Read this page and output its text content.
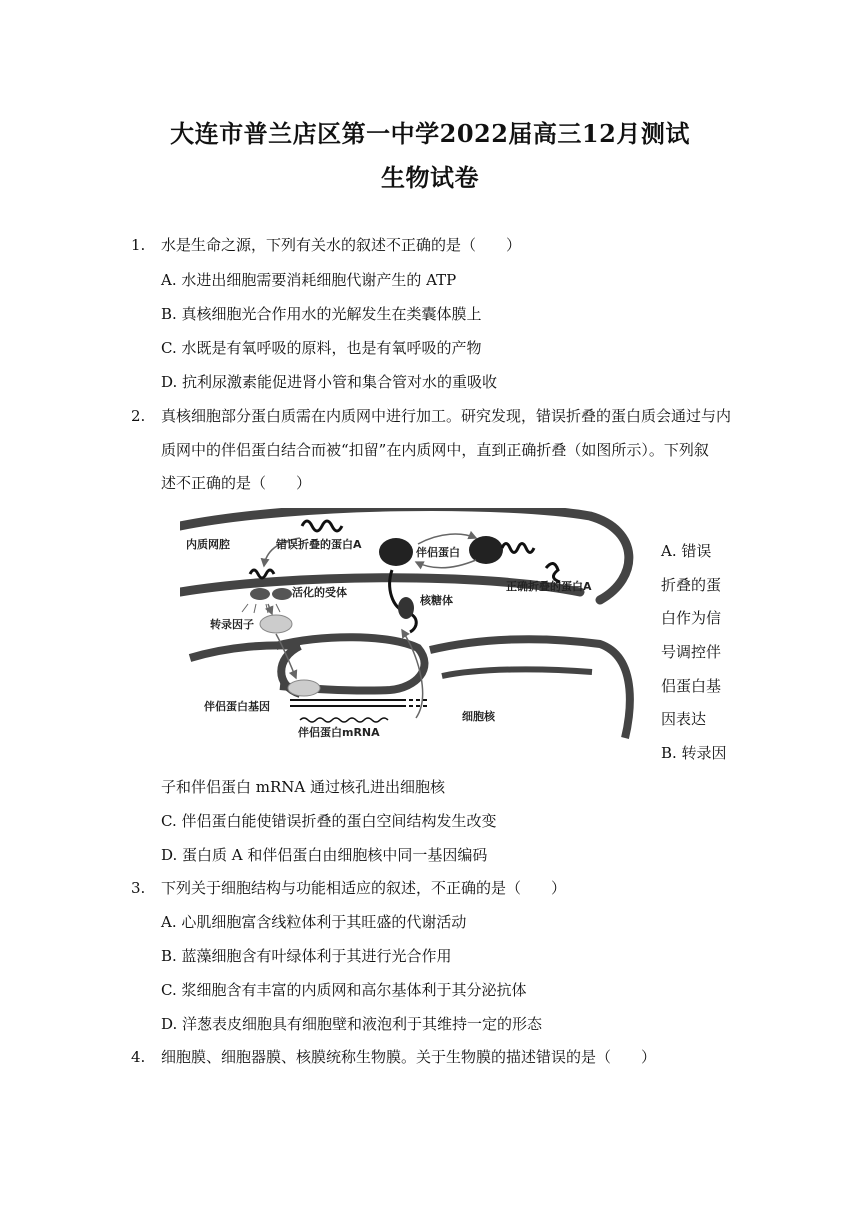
大连市普兰店区第一中学2022届高三12月测试
生物试卷
1. 水是生命之源，下列有关水的叙述不正确的是（　　）
A. 水进出细胞需要消耗细胞代谢产生的 ATP
B. 真核细胞光合作用水的光解发生在类囊体膜上
C. 水既是有氧呼吸的原料，也是有氧呼吸的产物
D. 抗利尿激素能促进肾小管和集合管对水的重吸收
2. 真核细胞部分蛋白质需在内质网中进行加工。研究发现，错误折叠的蛋白质会通过与内
质网中的伴侣蛋白结合而被“扣留”在内质网中，直到正确折叠（如图所示）。下列叙
述不正确的是（　　）
内质网腔	错误折叠的蛋白A
伴侣蛋白
正确折叠的蛋白A
活化的受体
核糖体
转录因子
伴侣蛋白基因
细胞核
伴侣蛋白mRNA
A. 错误
折叠的蛋
白作为信
号调控伴
侣蛋白基
因表达
B. 转录因
子和伴侣蛋白 mRNA 通过核孔进出细胞核
C. 伴侣蛋白能使错误折叠的蛋白空间结构发生改变
D. 蛋白质 A 和伴侣蛋白由细胞核中同一基因编码
3. 下列关于细胞结构与功能相适应的叙述，不正确的是（　　）
A. 心肌细胞富含线粒体利于其旺盛的代谢活动
B. 蓝藻细胞含有叶绿体利于其进行光合作用
C. 浆细胞含有丰富的内质网和高尔基体利于其分泌抗体
D. 洋葱表皮细胞具有细胞壁和液泡利于其维持一定的形态
4. 细胞膜、细胞器膜、核膜统称生物膜。关于生物膜的描述错误的是（　　）
